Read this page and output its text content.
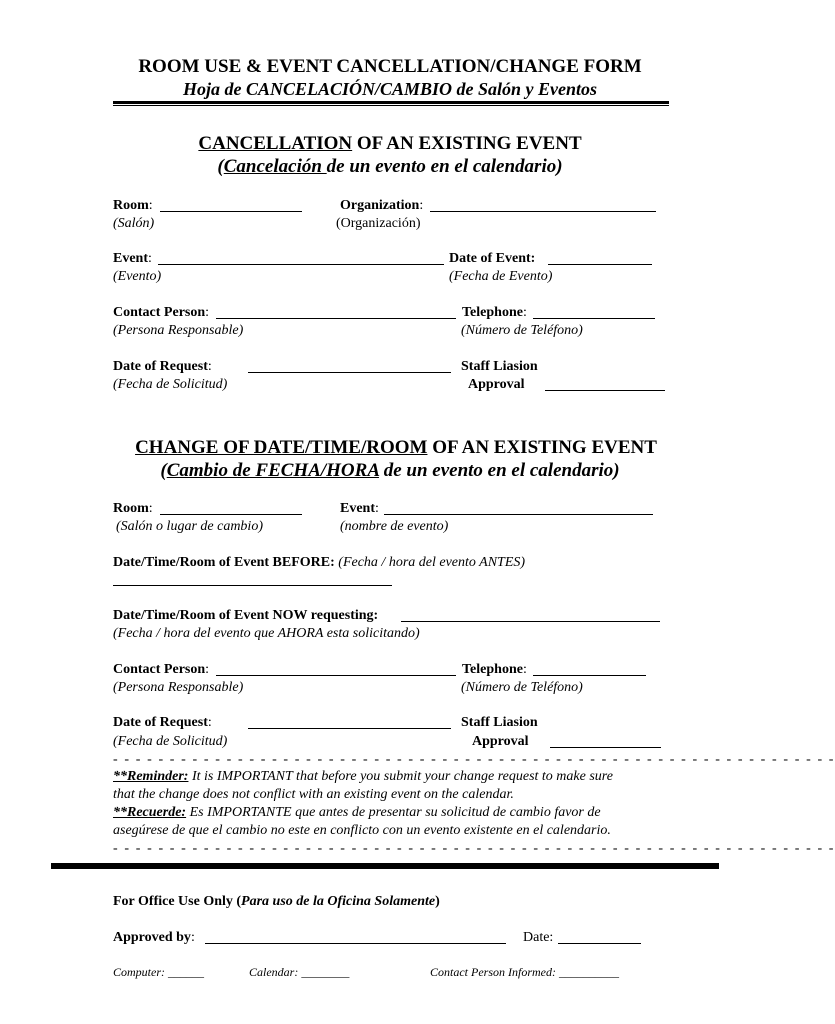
ROOM USE & EVENT CANCELLATION/CHANGE FORM
Hoja de CANCELACIÓN/CAMBIO de Salón y Eventos
CANCELLATION OF AN EXISTING EVENT
(Cancelación de un evento en el calendario)
Room:
(Salón)
Organization:
(Organización)
Event:
(Evento)
Date of Event:
(Fecha de Evento)
Contact Person:
(Persona Responsable)
Telephone:
(Número de Teléfono)
Date of Request:
(Fecha de Solicitud)
Staff Liasion
Approval
CHANGE OF DATE/TIME/ROOM OF AN EXISTING EVENT
(Cambio de FECHA/HORA de un evento en el calendario)
Room:
(Salón o lugar de cambio)
Event:
(nombre de evento)
Date/Time/Room of Event BEFORE: (Fecha / hora del evento ANTES)
Date/Time/Room of Event NOW requesting:
(Fecha / hora del evento que AHORA esta solicitando)
Contact Person:
(Persona Responsable)
Telephone:
(Número de Teléfono)
Date of Request:
(Fecha de Solicitud)
Staff Liasion
Approval
- - - - - - - - - - - - - - - - - - - - - - - - - - - - - - - - - - - - - - - - - - - - - - - - - - - - - - - - - - - - - - - -
**Reminder: It is IMPORTANT that before you submit your change request to make sure
that the change does not conflict with an existing event on the calendar.
**Recuerde: Es IMPORTANTE que antes de presentar su solicitud de cambio favor de
asegúrese de que el cambio no este en conflicto con un evento existente en el calendario.
- - - - - - - - - - - - - - - - - - - - - - - - - - - - - - - - - - - - - - - - - - - - - - - - - - - - - - - - - - - - - - - -
For Office Use Only (Para uso de la Oficina Solamente)
Approved by:	Date:
Computer: ______	Calendar: ________	Contact Person Informed: __________
